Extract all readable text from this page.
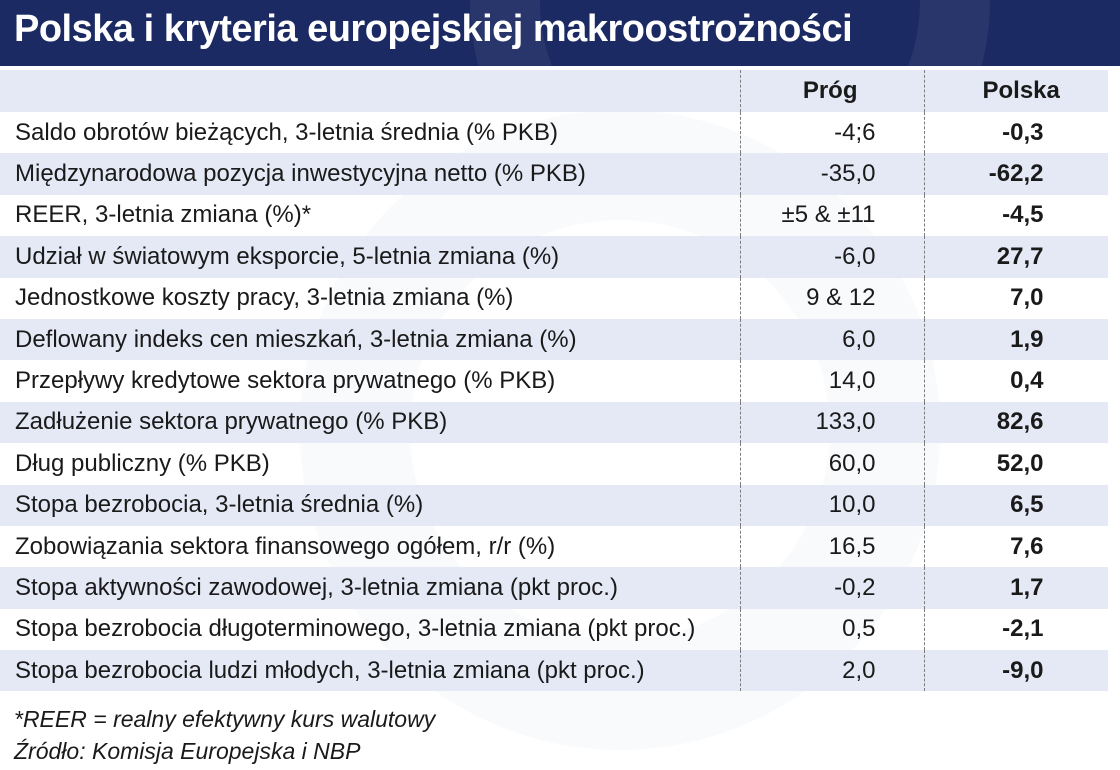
Polska i kryteria europejskiej makroostrożności
	Próg	Polska
Saldo obrotów bieżących, 3-letnia średnia (% PKB)	-4;6	-0,3
Międzynarodowa pozycja inwestycyjna netto (% PKB)	-35,0	-62,2
REER, 3-letnia zmiana (%)*	±5 & ±11	-4,5
Udział w światowym eksporcie, 5-letnia zmiana (%)	-6,0	27,7
Jednostkowe koszty pracy, 3-letnia zmiana (%)	9 & 12	7,0
Deflowany indeks cen mieszkań, 3-letnia zmiana (%)	6,0	1,9
Przepływy kredytowe sektora prywatnego (% PKB)	14,0	0,4
Zadłużenie sektora prywatnego (% PKB)	133,0	82,6
Dług publiczny (% PKB)	60,0	52,0
Stopa bezrobocia, 3-letnia średnia (%)	10,0	6,5
Zobowiązania sektora finansowego ogółem, r/r (%)	16,5	7,6
Stopa aktywności zawodowej, 3-letnia zmiana (pkt proc.)	-0,2	1,7
Stopa bezrobocia długoterminowego, 3-letnia zmiana (pkt proc.)	0,5	-2,1
Stopa bezrobocia ludzi młodych, 3-letnia zmiana (pkt proc.)	2,0	-9,0
*REER = realny efektywny kurs walutowy
Źródło: Komisja Europejska i NBP
